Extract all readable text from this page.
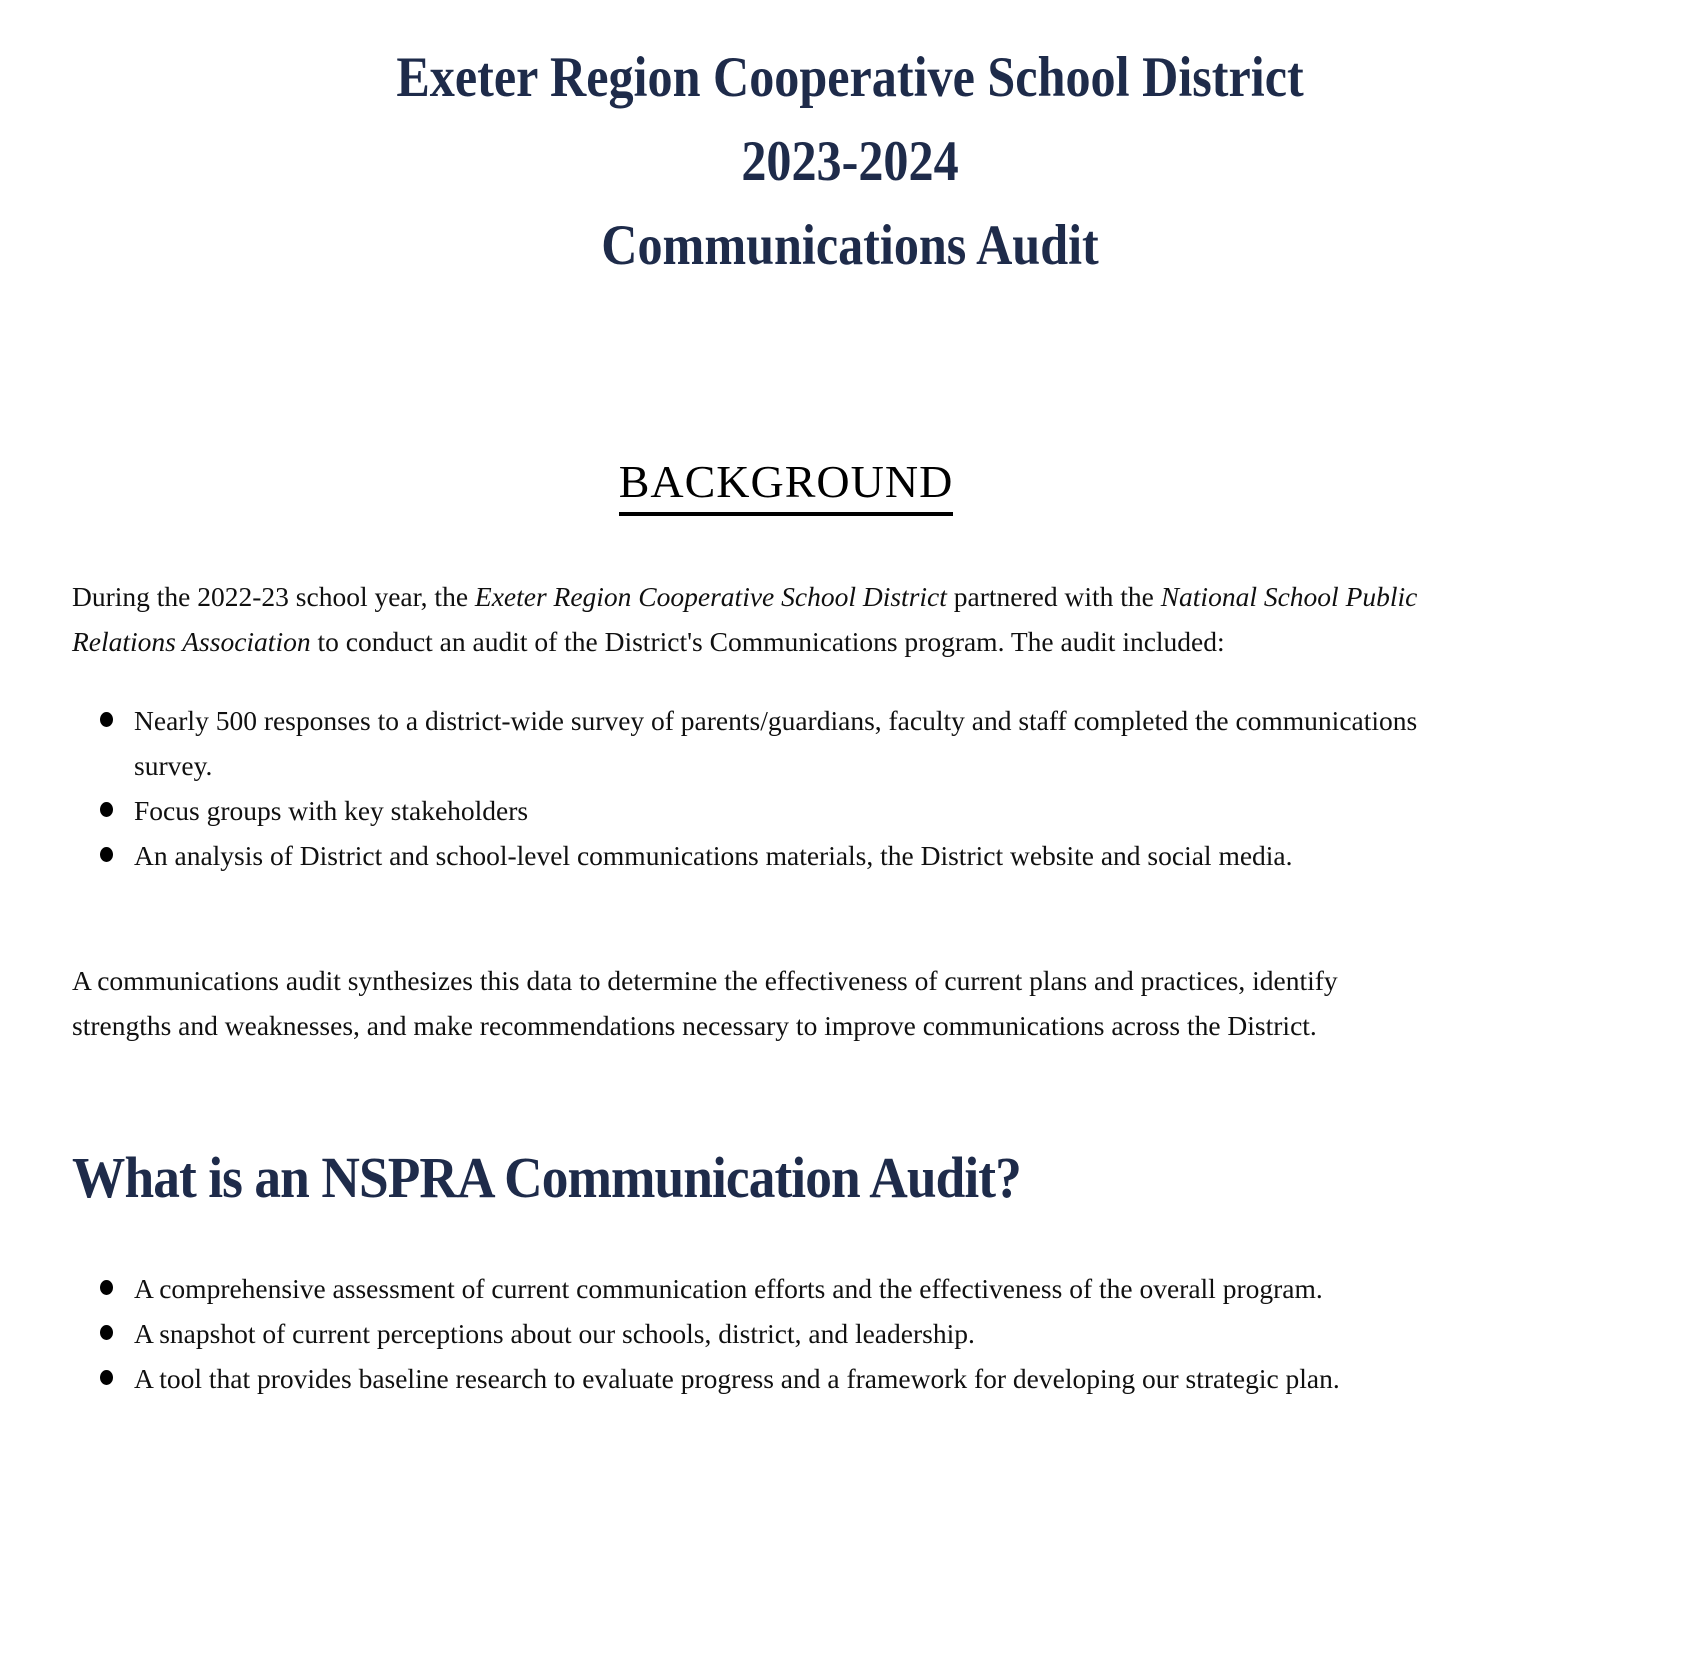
Exeter Region Cooperative School District
2023-2024
Communications Audit
BACKGROUND

During the 2022-23 school year, the Exeter Region Cooperative School District partnered with the National School Public Relations Association to conduct an audit of the District's Communications program. The audit included:

Nearly 500 responses to a district-wide survey of parents/guardians, faculty and staff completed the communications survey.
Focus groups with key stakeholders
An analysis of District and school-level communications materials, the District website and social media.

A communications audit synthesizes this data to determine the effectiveness of current plans and practices, identify strengths and weaknesses, and make recommendations necessary to improve communications across the District.

What is an NSPRA Communication Audit?
A comprehensive assessment of current communication efforts and the effectiveness of the overall program.
A snapshot of current perceptions about our schools, district, and leadership.
A tool that provides baseline research to evaluate progress and a framework for developing our strategic plan.
